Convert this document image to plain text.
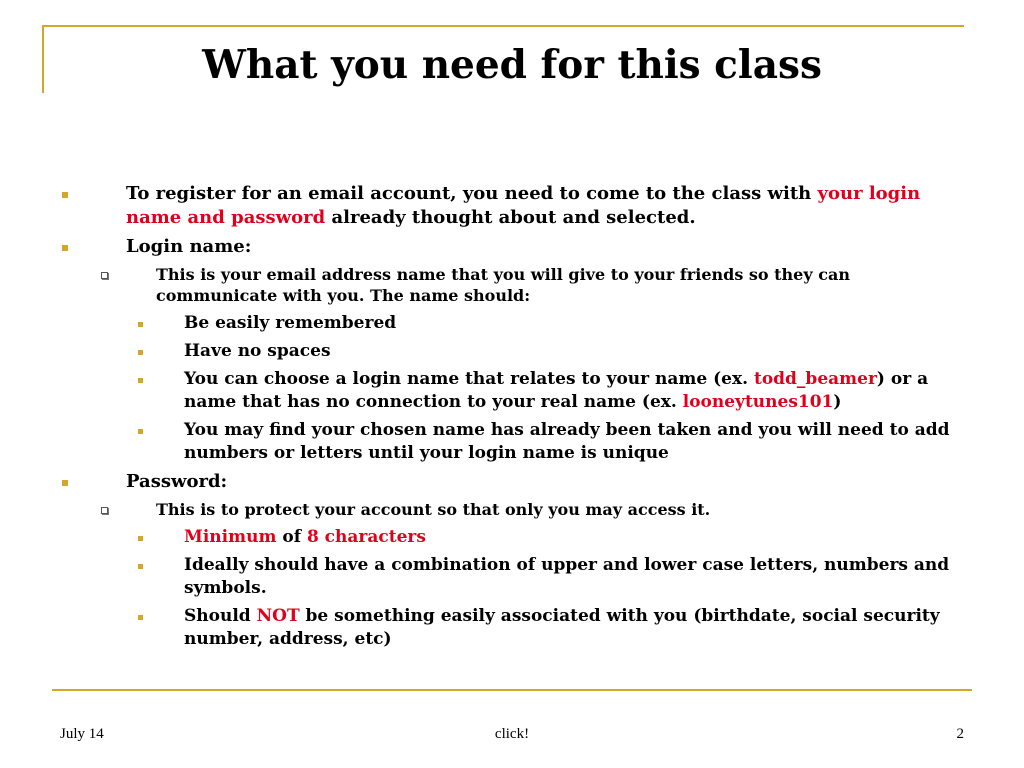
What you need for this class
To register for an email account, you need to come to the class with your login name and password already thought about and selected.
Login name:
This is your email address name that you will give to your friends so they can communicate with you. The name should:
Be easily remembered
Have no spaces
You can choose a login name that relates to your name (ex. todd_beamer) or a name that has no connection to your real name (ex. looneytunes101)
You may find your chosen name has already been taken and you will need to add numbers or letters until your login name is unique
Password:
This is to protect your account so that only you may access it.
Minimum of 8 characters
Ideally should have a combination of upper and lower case letters, numbers and symbols.
Should NOT be something easily associated with you (birthdate, social security number, address, etc)
July 14	click!	2
